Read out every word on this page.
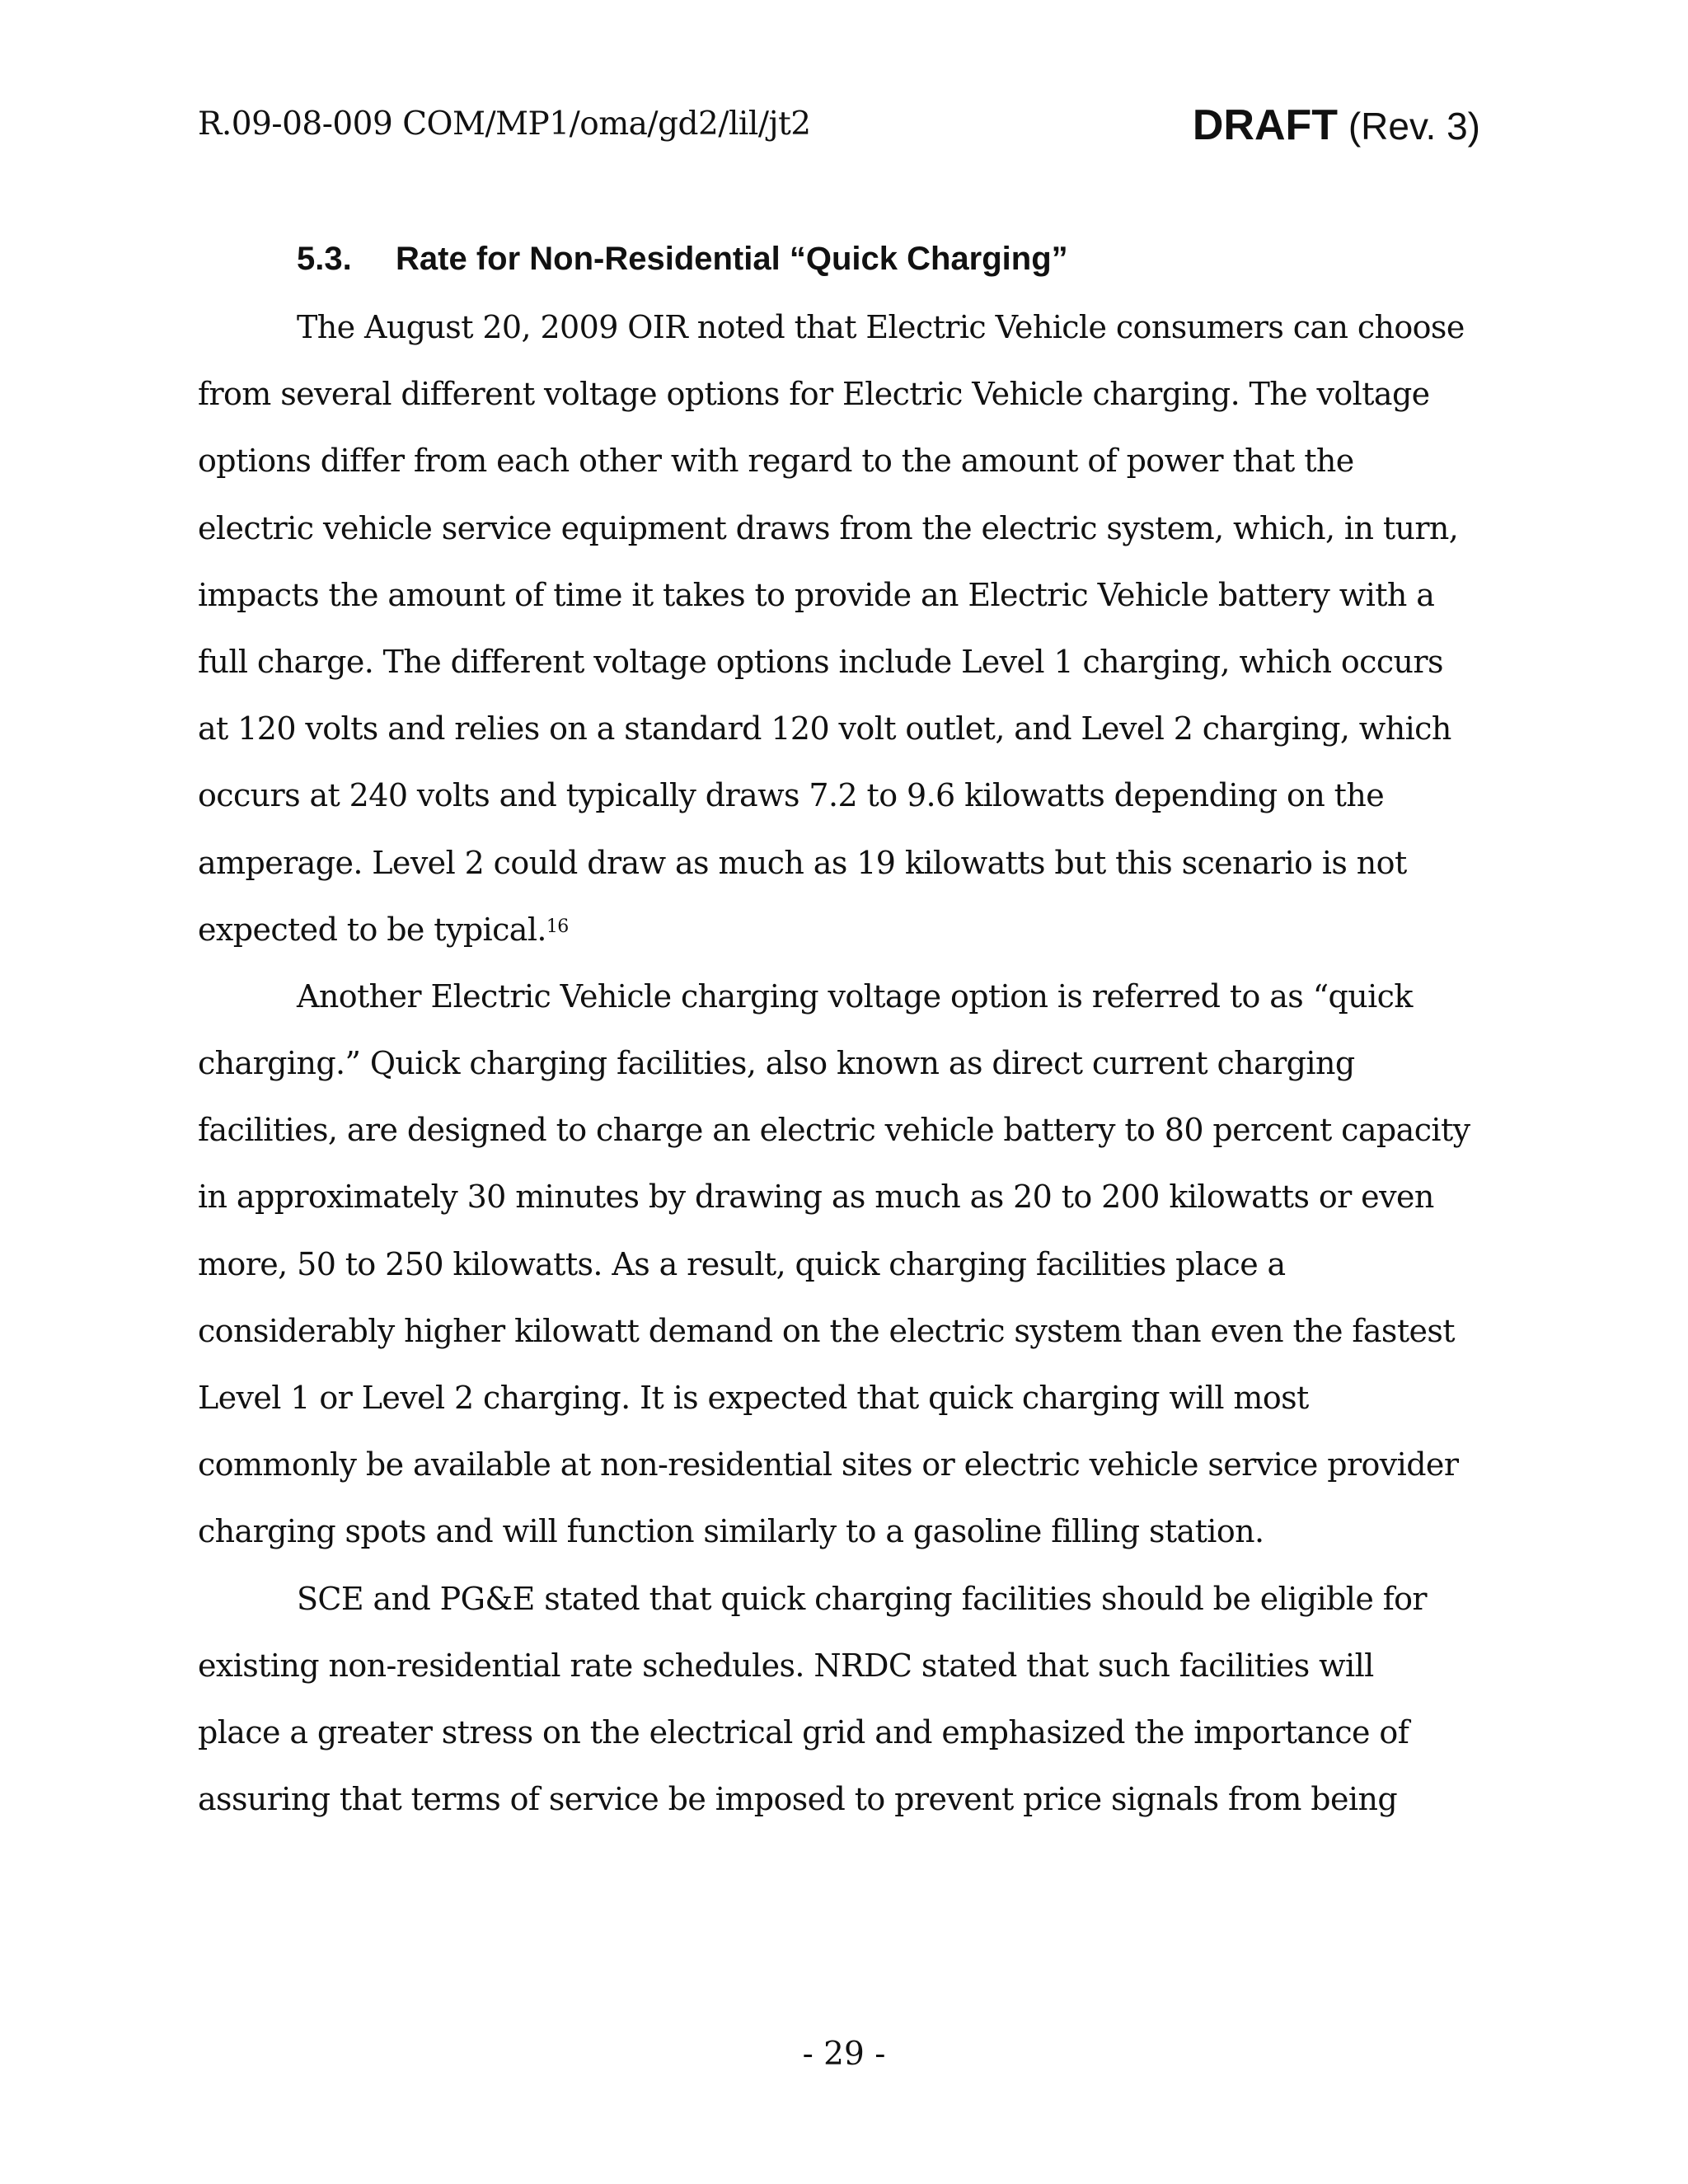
R.09-08-009 COM/MP1/oma/gd2/lil/jt2	DRAFT (Rev. 3)
5.3. Rate for Non-Residential “Quick Charging”
The August 20, 2009 OIR noted that Electric Vehicle consumers can choose
from several different voltage options for Electric Vehicle charging. The voltage
options differ from each other with regard to the amount of power that the
electric vehicle service equipment draws from the electric system, which, in turn,
impacts the amount of time it takes to provide an Electric Vehicle battery with a
full charge. The different voltage options include Level 1 charging, which occurs
at 120 volts and relies on a standard 120 volt outlet, and Level 2 charging, which
occurs at 240 volts and typically draws 7.2 to 9.6 kilowatts depending on the
amperage. Level 2 could draw as much as 19 kilowatts but this scenario is not
expected to be typical.$^{16}$
Another Electric Vehicle charging voltage option is referred to as “quick
charging.” Quick charging facilities, also known as direct current charging
facilities, are designed to charge an electric vehicle battery to 80 percent capacity
in approximately 30 minutes by drawing as much as 20 to 200 kilowatts or even
more, 50 to 250 kilowatts. As a result, quick charging facilities place a
considerably higher kilowatt demand on the electric system than even the fastest
Level 1 or Level 2 charging. It is expected that quick charging will most
commonly be available at non-residential sites or electric vehicle service provider
charging spots and will function similarly to a gasoline filling station.
SCE and PG&E stated that quick charging facilities should be eligible for
existing non-residential rate schedules. NRDC stated that such facilities will
place a greater stress on the electrical grid and emphasized the importance of
assuring that terms of service be imposed to prevent price signals from being
- 29 -
